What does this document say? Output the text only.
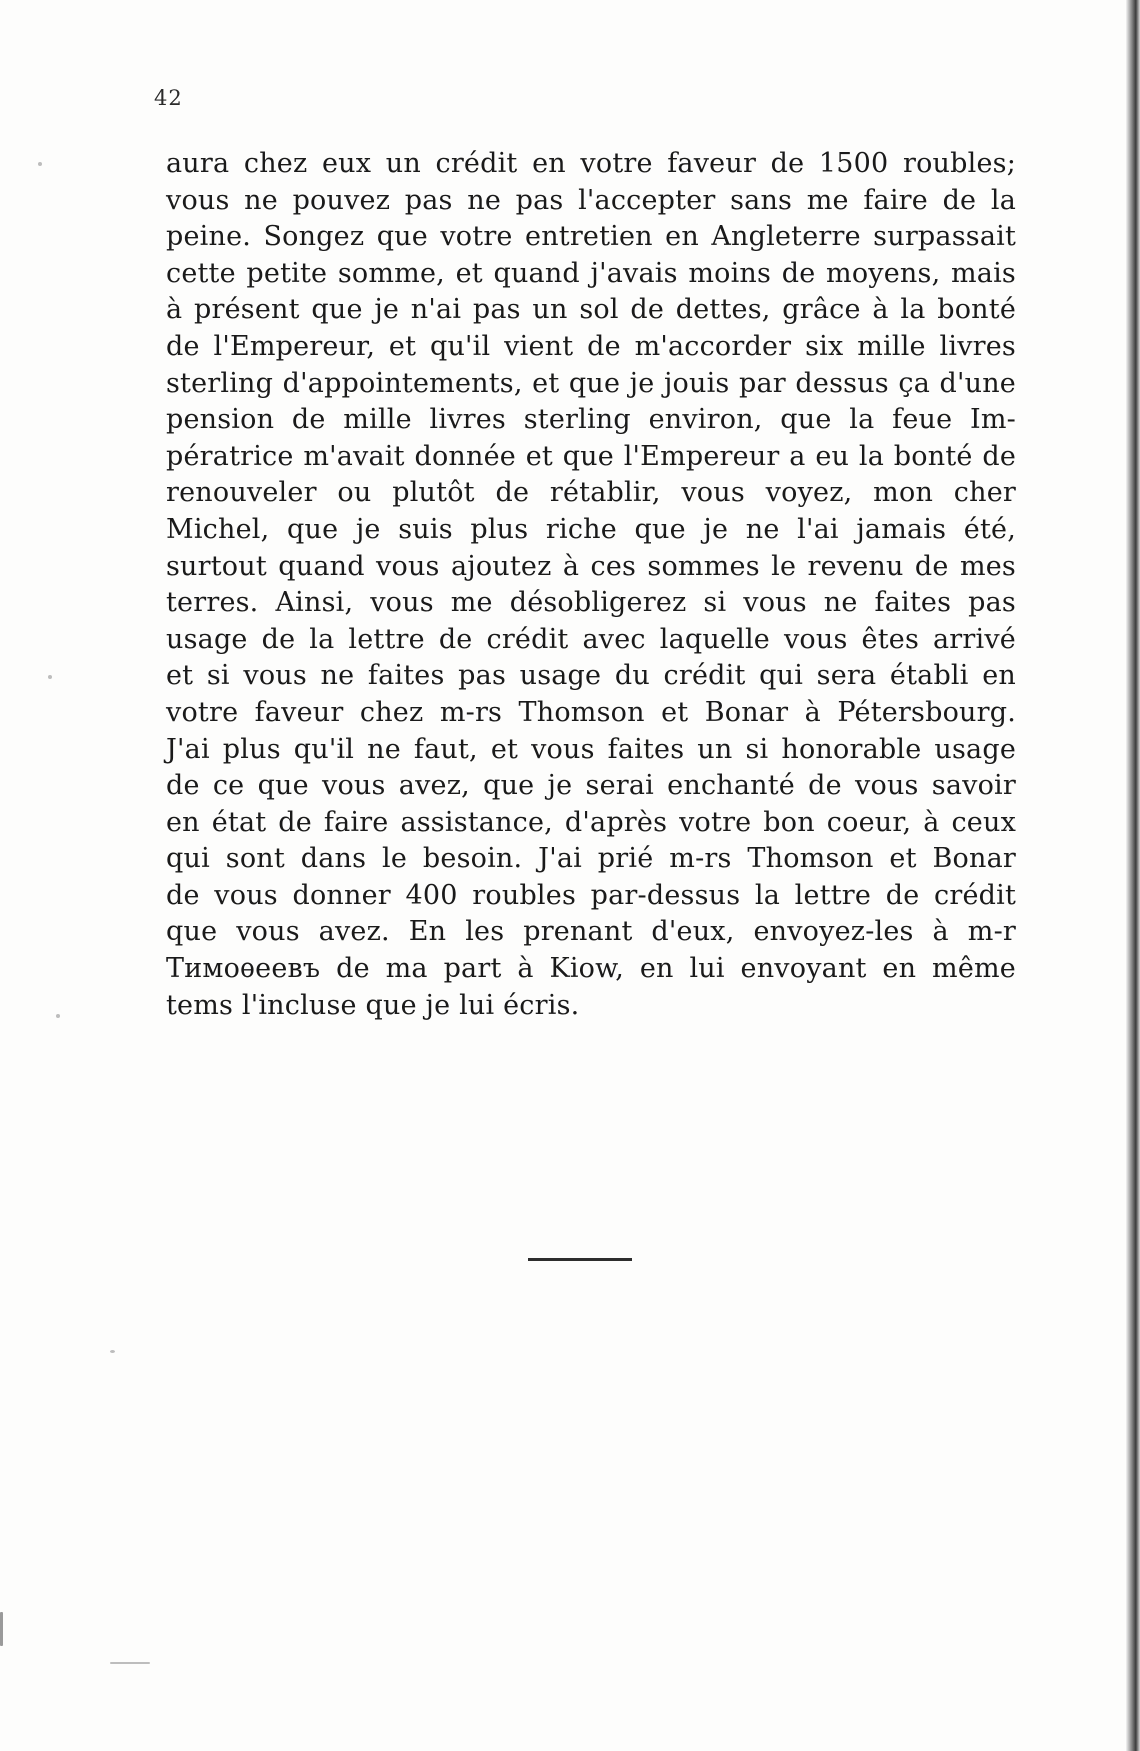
42
aura chez eux un crédit en votre faveur de 1500 roubles;
vous ne pouvez pas ne pas l'accepter sans me faire de la
peine. Songez que votre entretien en Angleterre surpassait
cette petite somme, et quand j'avais moins de moyens, mais
à présent que je n'ai pas un sol de dettes, grâce à la bonté
de l'Empereur, et qu'il vient de m'accorder six mille livres
sterling d'appointements, et que je jouis par dessus ça d'une
pension de mille livres sterling environ, que la feue Im-
pératrice m'avait donnée et que l'Empereur a eu la bonté de
renouveler ou plutôt de rétablir, vous voyez, mon cher
Michel, que je suis plus riche que je ne l'ai jamais été,
surtout quand vous ajoutez à ces sommes le revenu de mes
terres. Ainsi, vous me désobligerez si vous ne faites pas
usage de la lettre de crédit avec laquelle vous êtes arrivé
et si vous ne faites pas usage du crédit qui sera établi en
votre faveur chez m-rs Thomson et Bonar à Pétersbourg.
J'ai plus qu'il ne faut, et vous faites un si honorable usage
de ce que vous avez, que je serai enchanté de vous savoir
en état de faire assistance, d'après votre bon coeur, à ceux
qui sont dans le besoin. J'ai prié m-rs Thomson et Bonar
de vous donner 400 roubles par-dessus la lettre de crédit
que vous avez. En les prenant d'eux, envoyez-les à m-r
Тимоѳеевъ de ma part à Kiow, en lui envoyant en même
tems l'incluse que je lui écris.
